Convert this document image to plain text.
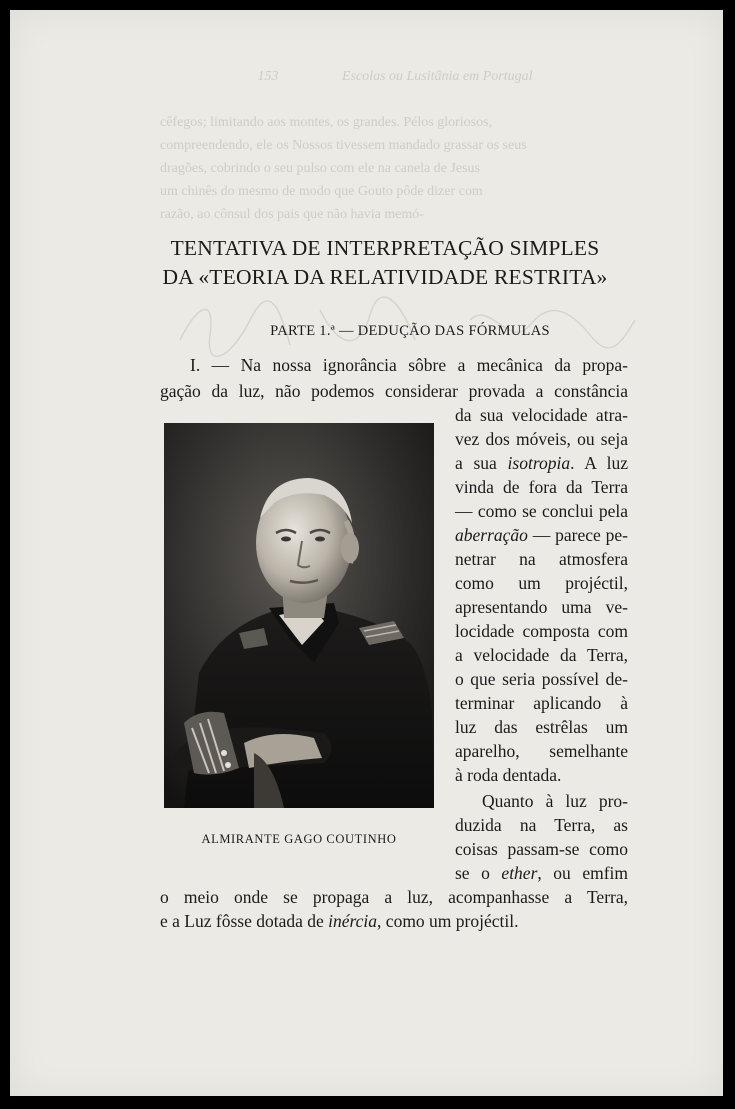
153	Escolas ou Lusitânia em Portugal
cêfegos; limitando aos montes, os grandes. Pélos gloriosos,
compreendendo, ele os Nossos tivessem mandado grassar os seus
dragões, cobrindo o seu pulso com ele na canela de Jesus
um chinês do mesmo de modo que Gouto pôde dizer com
razão, ao cônsul dos pais que não havia memó-
TENTATIVA DE INTERPRETAÇÃO SIMPLES
DA «TEORIA DA RELATIVIDADE RESTRITA»
PARTE 1.ª — DEDUÇÃO DAS FÓRMULAS
I. — Na nossa ignorância sôbre a mecânica da propa-
gação da luz, não podemos considerar provada a constância
da sua velocidade atra-
vez dos móveis, ou seja
a sua isotropia. A luz
vinda de fora da Terra
— como se conclui pela
aberração — parece pe-
netrar na atmosfera
como um projéctil,
apresentando uma ve-
locidade composta com
a velocidade da Terra,
o que seria possível de-
terminar aplicando à
luz das estrêlas um
aparelho, semelhante
à roda dentada.
Quanto à luz pro-
duzida na Terra, as
coisas passam-se como
se o ether, ou emfim
o meio onde se propaga a luz, acompanhasse a Terra,
e a Luz fôsse dotada de inércia, como um projéctil.
ALMIRANTE GAGO COUTINHO
